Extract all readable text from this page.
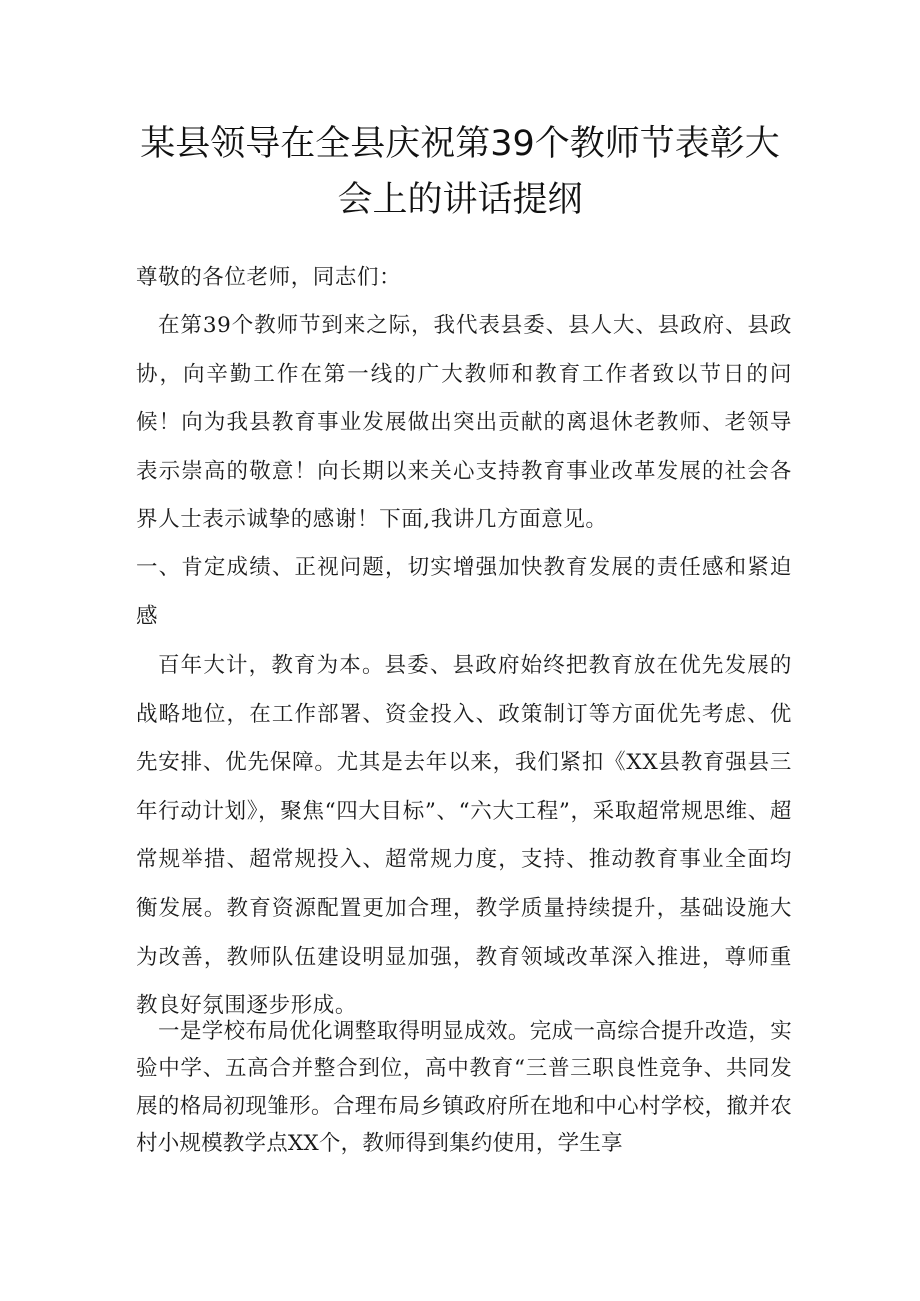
某县领导在全县庆祝第39个教师节表彰大
会上的讲话提纲

尊敬的各位老师，同志们：

在第39个教师节到来之际，我代表县委、县人大、县政府、县政协，向辛勤工作在第一线的广大教师和教育工作者致以节日的问候！向为我县教育事业发展做出突出贡献的离退休老教师、老领导表示崇高的敬意！向长期以来关心支持教育事业改革发展的社会各界人士表示诚挚的感谢！下面,我讲几方面意见。

一、肯定成绩、正视问题，切实增强加快教育发展的责任感和紧迫感

百年大计，教育为本。县委、县政府始终把教育放在优先发展的战略地位，在工作部署、资金投入、政策制订等方面优先考虑、优先安排、优先保障。尤其是去年以来，我们紧扣《XX县教育强县三年行动计划》，聚焦“四大目标”、“六大工程”，采取超常规思维、超常规举措、超常规投入、超常规力度，支持、推动教育事业全面均衡发展。教育资源配置更加合理，教学质量持续提升，基础设施大为改善，教师队伍建设明显加强，教育领域改革深入推进，尊师重教良好氛围逐步形成。

一是学校布局优化调整取得明显成效。完成一高综合提升改造，实验中学、五高合并整合到位，高中教育“三普三职良性竞争、共同发展的格局初现雏形。合理布局乡镇政府所在地和中心村学校，撤并农村小规模教学点XX个，教师得到集约使用，学生享
